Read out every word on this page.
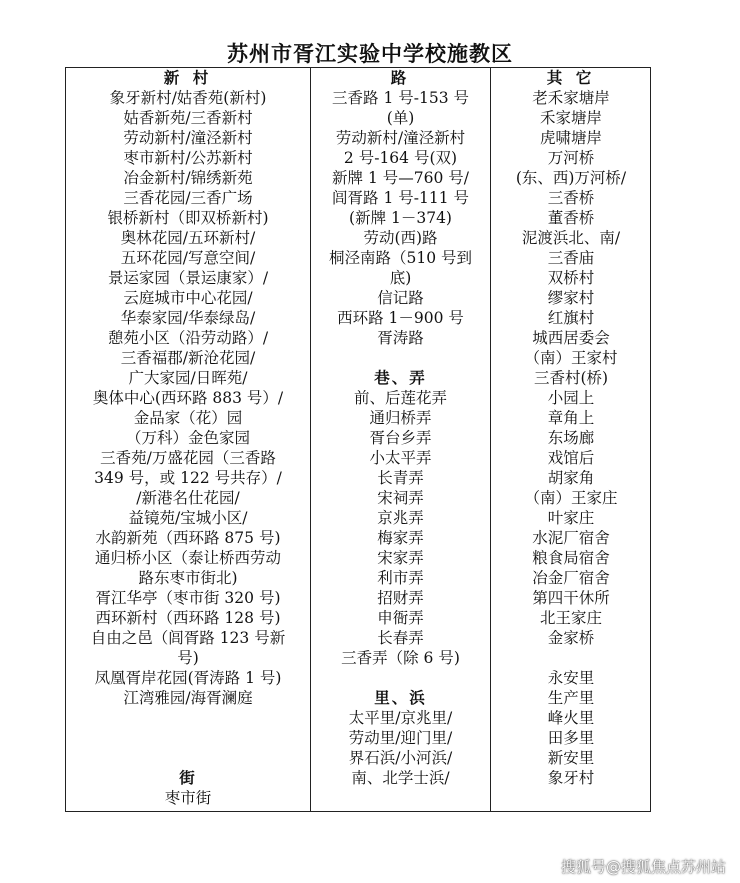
苏州市胥江实验中学校施教区
新 村
象牙新村/姑香苑(新村)
姑香新苑/三香新村
劳动新村/潼泾新村
枣市新村/公苏新村
冶金新村/锦绣新苑
三香花园/三香广场
银桥新村（即双桥新村)
奥林花园/五环新村/
五环花园/写意空间/
景运家园（景运康家）/
云庭城市中心花园/
华泰家园/华泰绿岛/
憩苑小区（沿劳动路）/
三香福郡/新沧花园/
广大家园/日晖苑/
奥体中心(西环路 883 号）/
金品家（花）园
（万科）金色家园
三香苑/万盛花园（三香路
349 号，或 122 号共存）/
/新港名仕花园/
益镜苑/宝城小区/
水韵新苑（西环路 875 号)
通归桥小区（泰让桥西劳动
路东枣市街北)
胥江华亭（枣市街 320 号)
西环新村（西环路 128 号)
自由之邑（闾胥路 123 号新
号)
凤凰胥岸花园(胥涛路 1 号)
江湾雅园/海胥澜庭
街
枣市街
路
三香路 1 号-153 号
(单)
劳动新村/潼泾新村
2 号-164 号(双)
新牌 1 号—760 号/
闾胥路 1 号-111 号
(新牌 1－374)
劳动(西)路
桐泾南路（510 号到
底)
信记路
西环路 1－900 号
胥涛路
巷、弄
前、后莲花弄
通归桥弄
胥台乡弄
小太平弄
长青弄
宋祠弄
京兆弄
梅家弄
宋家弄
利市弄
招财弄
申衙弄
长春弄
三香弄（除 6 号)
里、浜
太平里/京兆里/
劳动里/迎门里/
界石浜/小河浜/
南、北学士浜/
其 它
老禾家塘岸
禾家塘岸
虎啸塘岸
万河桥
(东、西)万河桥/
三香桥
董香桥
泥渡浜北、南/
三香庙
双桥村
缪家村
红旗村
城西居委会
（南）王家村
三香村(桥)
小园上
章角上
东场廊
戏馆后
胡家角
（南）王家庄
叶家庄
水泥厂宿舍
粮食局宿舍
冶金厂宿舍
第四干休所
北王家庄
金家桥
永安里
生产里
峰火里
田多里
新安里
象牙村
搜狐号@搜狐焦点苏州站
